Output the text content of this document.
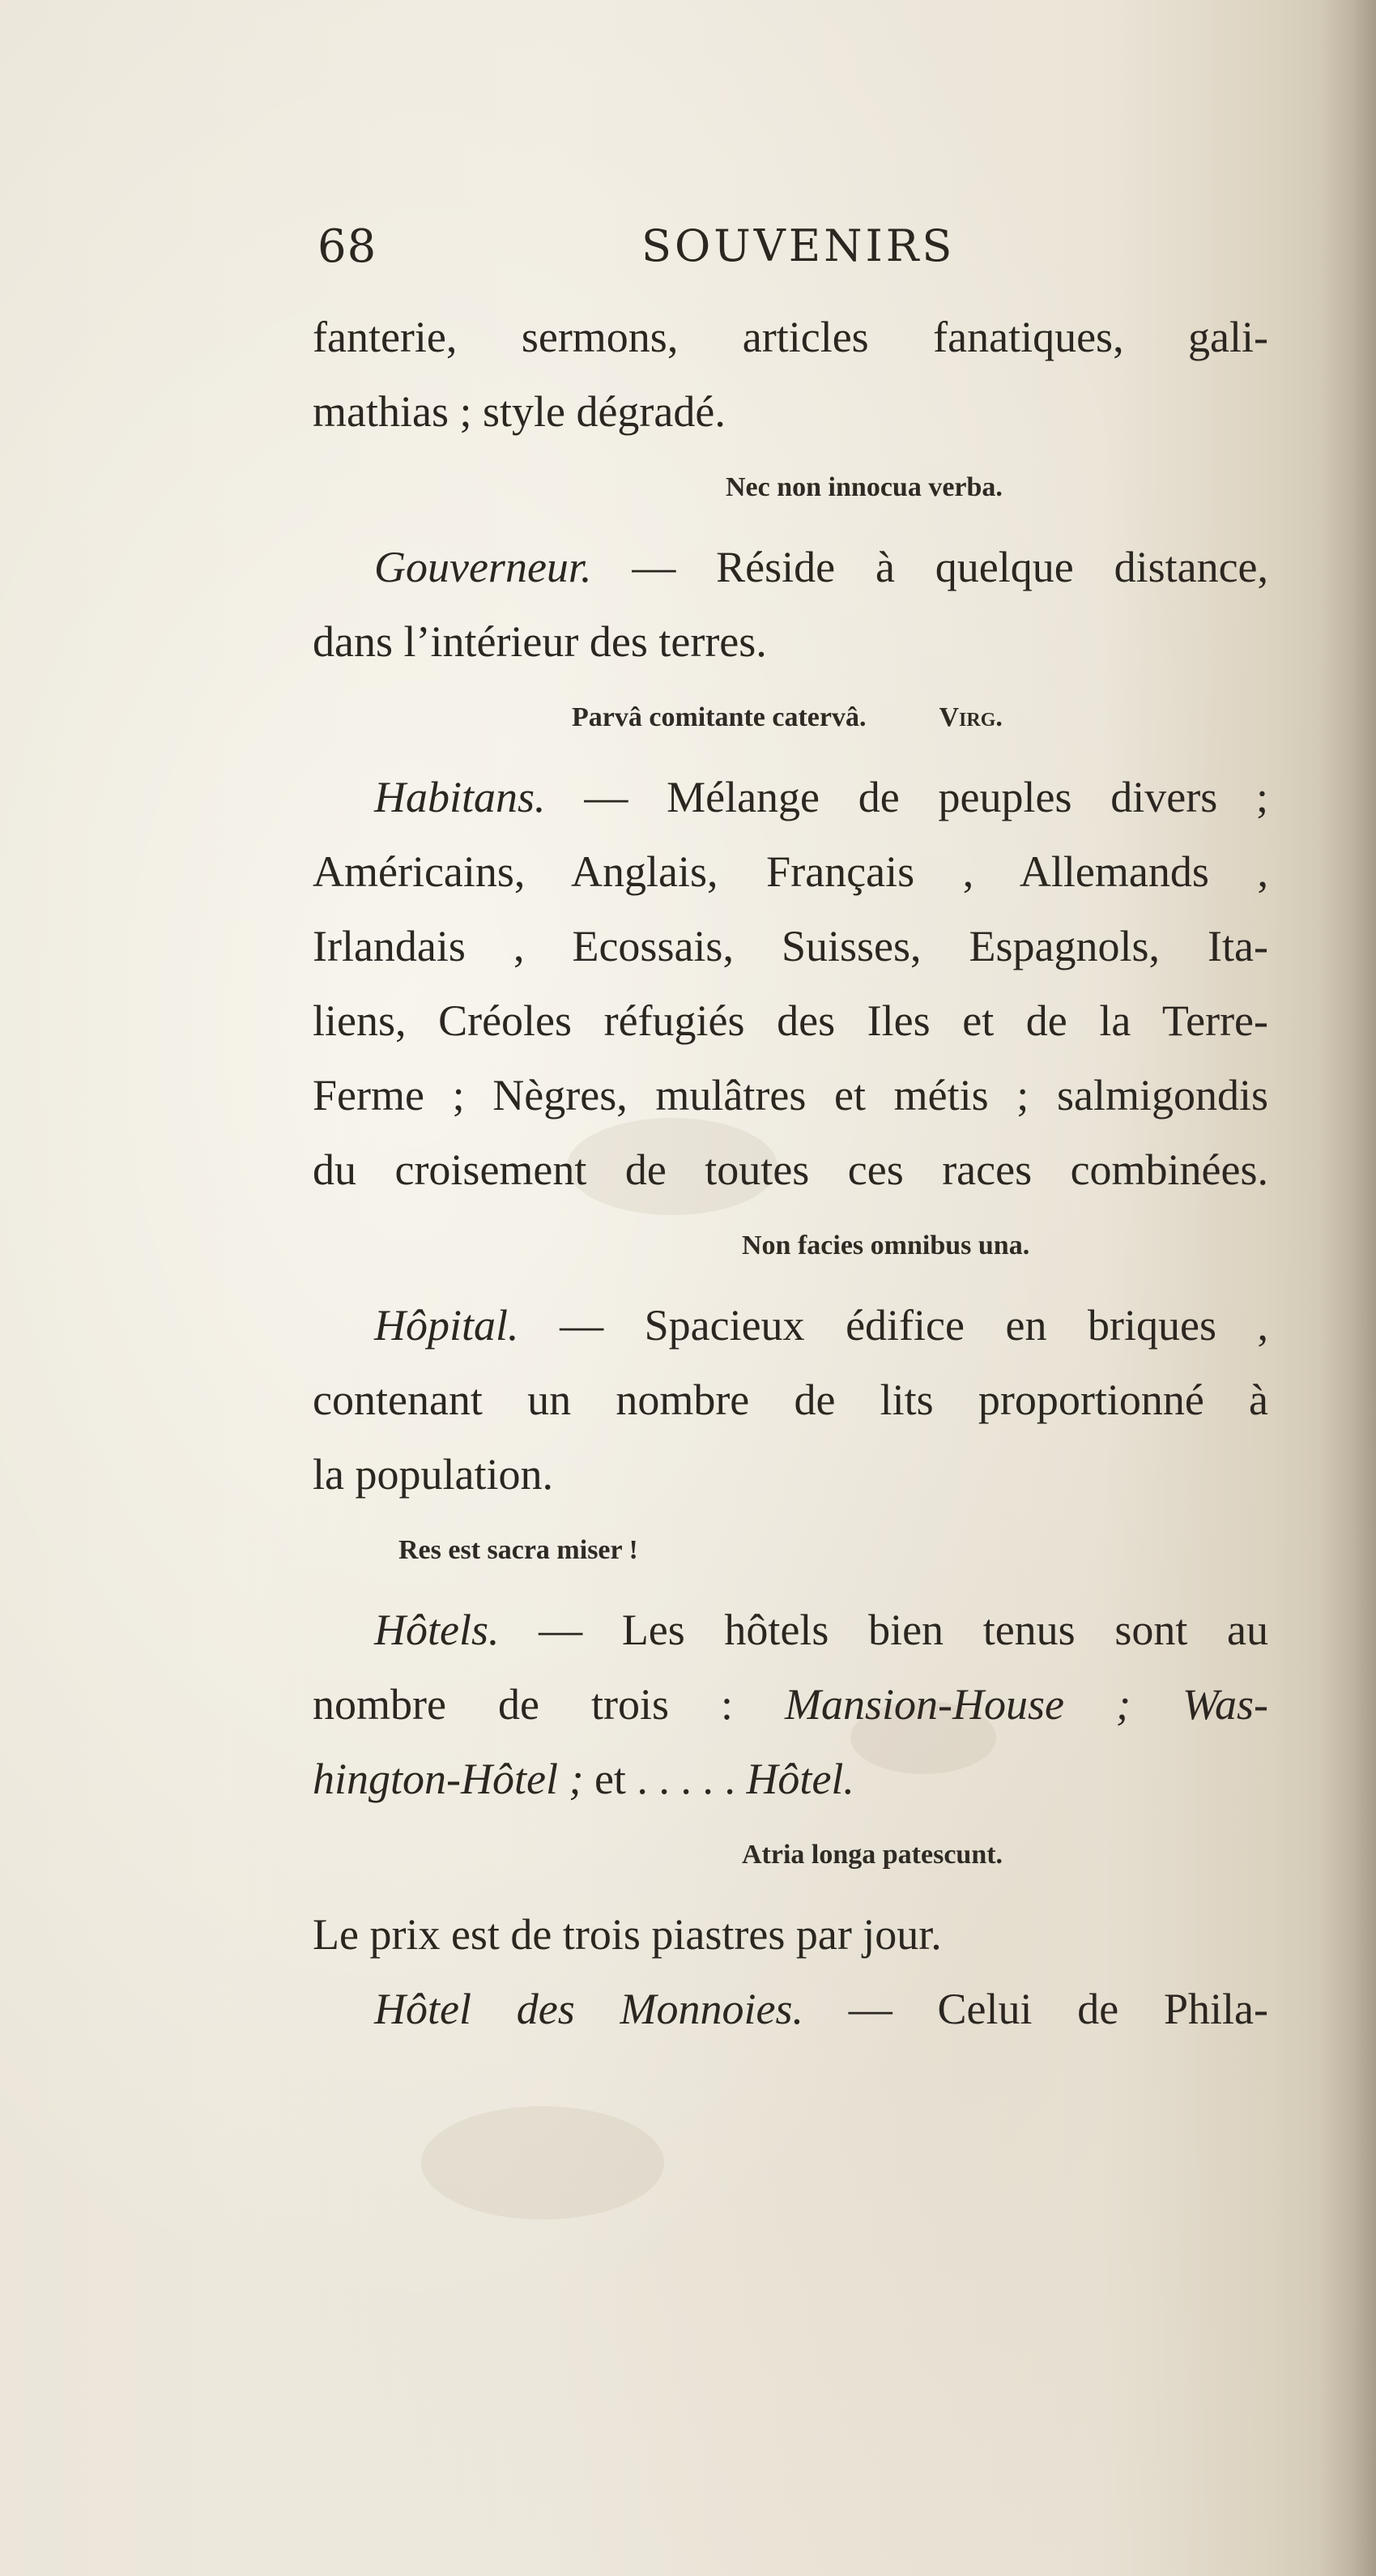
68	SOUVENIRS

fanterie, sermons, articles fanatiques, gali-

mathias ; style dégradé.

Nec non innocua verba.

Gouverneur. — Réside à quelque distance,

dans l’intérieur des terres.

Parvâ comitante catervâ.	Virg.

Habitans. — Mélange de peuples divers ;

Américains, Anglais, Français , Allemands ,

Irlandais , Ecossais, Suisses, Espagnols, Ita-

liens, Créoles réfugiés des Iles et de la Terre-

Ferme ; Nègres, mulâtres et métis ; salmigondis

du croisement de toutes ces races combinées.

Non facies omnibus una.

Hôpital. — Spacieux édifice en briques ,

contenant un nombre de lits proportionné à

la population.

Res est sacra miser !

Hôtels. — Les hôtels bien tenus sont au

nombre de trois : Mansion-House ; Was-

hington-Hôtel ; et . . . . . Hôtel.

Atria longa patescunt.

Le prix est de trois piastres par jour.

Hôtel des Monnoies. — Celui de Phila-
